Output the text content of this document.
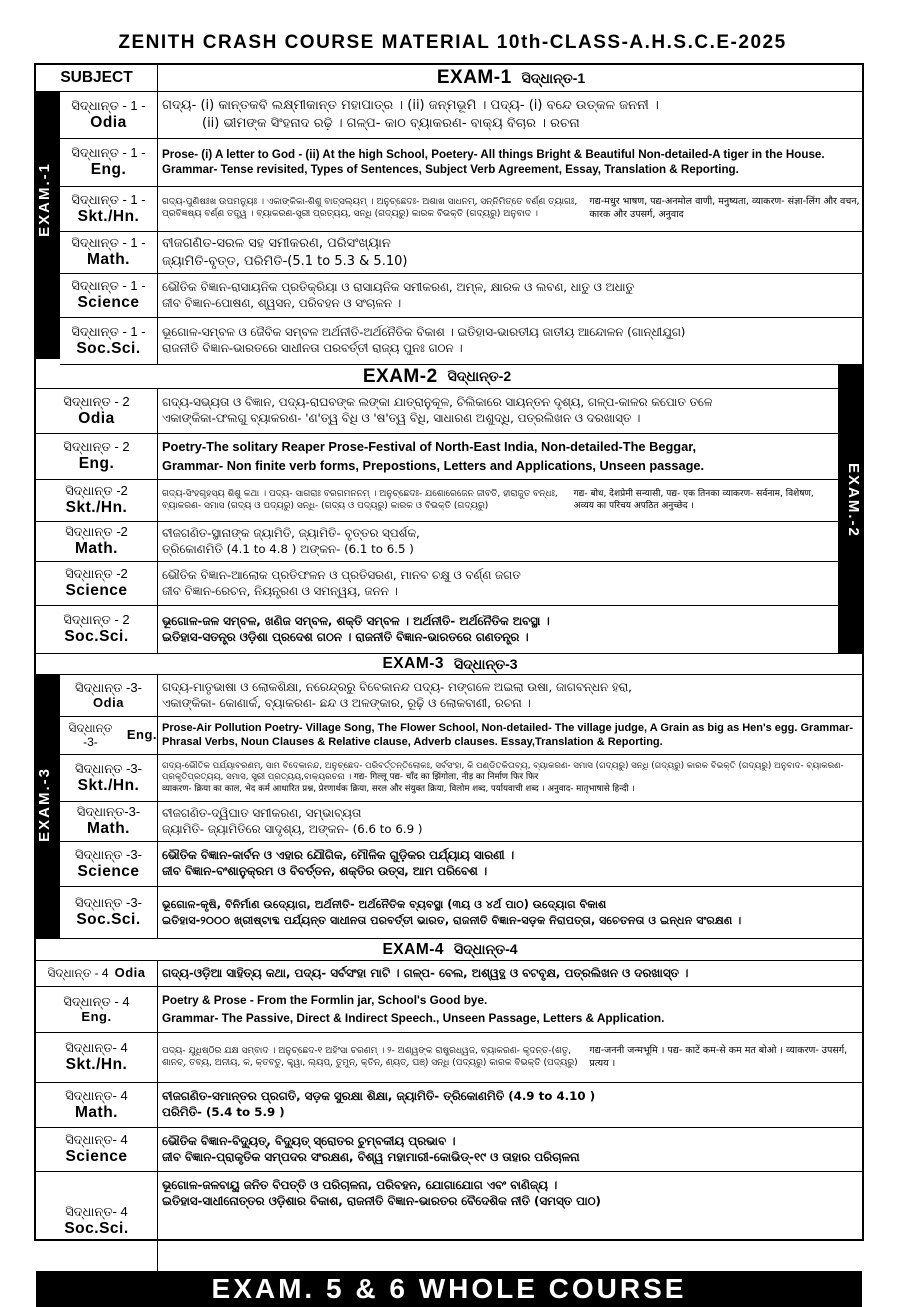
ZENITH CRASH COURSE MATERIAL 10th-CLASS-A.H.S.C.E-2025
SUBJECT
EXAM.-1
EXAM.-2
EXAM.-3
EXAM-1 ସିଦ୍ଧାନ୍ତ-1
ସିଦ୍ଧାନ୍ତ - 1 -
Odia
ଗଦ୍ୟ- (i) କାନ୍ତକବି ଲକ୍ଷ୍ମୀକାନ୍ତ ମହାପାତ୍ର । (ii) ଜନ୍ମଭୂମି । ପଦ୍ୟ- (i) ବନ୍ଦେ ଉତ୍କଳ ଜନନୀ ।
(ii) ଭୀମଙ୍କ ସିଂହନାଦ ରଢ଼ି । ଗଳ୍ପ- କାଠ ବ୍ୟାକରଣ- ବାକ୍ୟ ବିଚାର । ରଚନା
ସିଦ୍ଧାନ୍ତ - 1 -
Eng.
Prose- (i) A letter to God - (ii) At the high School, Poetery- All things Bright & Beautiful Non-detailed-A tiger in the House. Grammar- Tense revisited, Types of Sentences, Subject Verb Agreement, Essay, Translation & Reporting.
ସିଦ୍ଧାନ୍ତ - 1 -
Skt./Hn.
ଗଦ୍ୟ-ପୁଣିଷଃଖ ଉପମନ୍ୟୁଃ । ଏକାଙ୍କିକା-ଶିଶୁ ବାତ୍ସଲ୍ୟମ୍ । ଅନୁଚ୍ଛେଦଃ- ଅଶାଖ ସାଧନମ୍, ସନ୍ନିମିତ୍ତେ ବର୍ଣ୍ଣ ତ୍ୟାଗଃ, ପ୍ରବିଜ୍ଞଷ୍ୟ ବର୍ଣ୍ଣ ତତ୍ତ୍ୱ । ବ୍ୟାକରଣ-ସ୍ତ୍ରୀ ପ୍ରତ୍ୟୟ, ସନ୍ଧି (ଗଦ୍ୟରୁ) କାରକ ବିଭକ୍ତି (ଗଦ୍ୟରୁ) ଅନୁବାଦ ।
गद्य-मधुर भाषण, पद्य-अनमोल वाणी, मनुष्यता, व्याकरण- संज्ञा-लिंग और वचन, कारक और उपसर्ग, अनुवाद
ସିଦ୍ଧାନ୍ତ - 1 -
Math.
ବୀଜଗଣିତ-ସରଳ ସହ ସମୀକରଣ, ପରିସଂଖ୍ୟାନ
ଜ୍ୟାମିତି-ବୃତ୍ତ, ପରିମିତି-(5.1 to 5.3 & 5.10)
ସିଦ୍ଧାନ୍ତ - 1 -
Science
ଭୌତିକ ବିଜ୍ଞାନ-ରାସାୟନିକ ପ୍ରତିକ୍ରିୟା ଓ ରାସାୟନିକ ସମୀକରଣ, ଅମ୍ଳ, କ୍ଷାରକ ଓ ଲବଣ, ଧାତୁ ଓ ଅଧାତୁ
ଜୀବ ବିଜ୍ଞାନ-ପୋଷଣ, ଶ୍ୱସନ, ପରିବହନ ଓ ସଂଚାଳନ ।
ସିଦ୍ଧାନ୍ତ - 1 -
Soc.Sci.
ଭୂଗୋଳ-ସମ୍ବଳ ଓ ଜୈବିକ ସମ୍ବଳ ଅର୍ଥନୀତି-ଅର୍ଥନୈତିକ ବିକାଶ । ଇତିହାସ-ଭାରତୀୟ ଜାତୀୟ ଆନ୍ଦୋଳନ (ଗାନ୍ଧୀଯୁଗ)
ରାଜନୀତି ବିଜ୍ଞାନ-ଭାରତରେ ସାଧୀନତା ପରବର୍ତ୍ତୀ ରାଜ୍ୟ ପୁନଃ ଗଠନ ।
EXAM-2 ସିଦ୍ଧାନ୍ତ-2
ସିଦ୍ଧାନ୍ତ - 2
Odia
ଗଦ୍ୟ-ସଭ୍ୟତା ଓ ବିଜ୍ଞାନ, ପଦ୍ୟ-ରାଘବଙ୍କ ଲଙ୍କା ଯାତ୍ରାନୁକୂଳ, ଚିଲିକାରେ ସାୟନ୍ତନ ଦୃଶ୍ୟ, ଗଳ୍ପ-କାଳର କପୋତ ତଳେ
ଏକାଙ୍କିକା-ଫଲଗୁ ବ୍ୟାକରଣ- 'ଣ'ତ୍ୱ ବିଧି ଓ 'ଷ'ତ୍ୱ ବିଧି, ସାଧାରଣ ଅଶୁଦ୍ଧି, ପତ୍ରଲିଖନ ଓ ଦରଖାସ୍ତ ।
ସିଦ୍ଧାନ୍ତ - 2
Eng.
Poetry-The solitary Reaper Prose-Festival of North-East India, Non-detailed-The Beggar,
Grammar- Non finite verb forms, Prepostions, Letters and Applications, Unseen passage.
ସିଦ୍ଧାନ୍ତ -2
Skt./Hn.
ଗଦ୍ୟ-ସିଂହଗୃହସ୍ୟ ଶିଶୁ କଥା । ପଦ୍ୟ- ସାଗରାଃ ବରଗମନନମ୍ । ଅନୁଚ୍ଛେଦଃ- ଯଶୋରେଜେନ ଜୀବତି, ହୀରାଜୁତ ବନ୍ଧଃ, ବ୍ୟାକରଣ- ସମାସ (ଗଦ୍ୟ ଓ ପଦ୍ୟରୁ) ସନ୍ଧି- (ଗଦ୍ୟ ଓ ପଦ୍ୟରୁ) କାରକ ଓ ବିଭକ୍ତି (ଗଦ୍ୟରୁ)
गद्य- बोध, देशप्रेमी सन्यासी, पद्य- एक तिनका व्याकरण- सर्वनाम, विशेषण, अव्यय का परिचय अपठित अनुच्छेद ।
ସିଦ୍ଧାନ୍ତ -2
Math.
ବୀଜଗଣିତ-ସ୍ଥାନାଙ୍କ ଜ୍ୟାମିତି, ଜ୍ୟାମିତି- ବୃତ୍ତର ସ୍ପର୍ଶକ,
ତ୍ରିକୋଣମିତି (4.1 to 4.8 ) ଅଙ୍କନ- (6.1 to 6.5 )
ସିଦ୍ଧାନ୍ତ -2
Science
ଭୌତିକ ବିଜ୍ଞାନ-ଆଲୋକ ପ୍ରତିଫଳନ ଓ ପ୍ରତିସରଣ, ମାନବ ଚକ୍ଷୁ ଓ ବର୍ଣ୍ଣ ଜଗତ
ଜୀବ ବିଜ୍ଞାନ-ରେଚନ, ନିୟନ୍ତ୍ରଣ ଓ ସମନ୍ୱୟ, ଜନନ ।
ସିଦ୍ଧାନ୍ତ - 2
Soc.Sci.
ଭୂଗୋଳ-ଜଳ ସମ୍ବଳ, ଖଣିଜ ସମ୍ବଳ, ଶକ୍ତି ସମ୍ବଳ । ଅର୍ଥନୀତି- ଅର୍ଥନୈତିକ ଅବସ୍ଥା ।
ଇତିହାସ-ସତନ୍ତ୍ର ଓଡ଼ିଶା ପ୍ରଦେଶ ଗଠନ । ରାଜନୀତି ବିଜ୍ଞାନ-ଭାରତରେ ଗଣତନ୍ତ୍ର ।
EXAM-3 ସିଦ୍ଧାନ୍ତ-3
ସିଦ୍ଧାନ୍ତ -3-
Odia
ଗଦ୍ୟ-ମାତୃଭାଷା ଓ ଲୋକଶିକ୍ଷା, ନରେନ୍ଦ୍ରରୁ ବିବେକାନନ୍ଦ ପଦ୍ୟ- ମଙ୍ଗଳେ ଅଇଲା ଉଷା, ଜାଗବନ୍ଧନ ହରା,
ଏକାଙ୍କିକା- କୋଣାର୍କ, ବ୍ୟାକରଣ- ଛନ୍ଦ ଓ ଅଳଙ୍କାର, ରୂଢ଼ି ଓ ଲୋକବାଣୀ, ରଚନା ।
ସିଦ୍ଧାନ୍ତ -3-	Eng. Prose-Air Pollution Poetry- Village Song, The Flower School, Non-detailed- The village judge, A Grain as big as Hen's egg. Grammar- Phrasal Verbs, Noun Clauses & Relative clause, Adverb clauses. Essay,Translation & Reporting.
ସିଦ୍ଧାନ୍ତ -3-
Skt./Hn.
ଗଦ୍ୟ-ଭୌତିକ ପର୍ଯ୍ୟାବରଣମ୍, ସାମ ବିଦେକାନନ୍ଦ, ଅନୁଚ୍ଛେଦ- ପରିବର୍ତ୍ତନ୍ତିଲୋକଃ, ସର୍ବସଂହା, କି ପଣ୍ଡିତକିତାବ୍ୟ, ବ୍ୟାକରଣ- ସମାସ (ଗଦ୍ୟରୁ) ସନ୍ଧି (ଗଦ୍ୟରୁ) କାରକ ବିଭକ୍ତି (ଗଦ୍ୟରୁ) ଅନୁବାଦ- ବ୍ୟାକରଣ-ପ୍ରକୃତିପ୍ରତ୍ୟୟ, ସମାସ, ସ୍ତ୍ରୀ ପ୍ରତ୍ୟୟ,ବାକ୍ୟରଚନା । गद्य- गिल्लू पद्य- चाँद का झिंगोला, नीड़ का निर्माण फिर फिर
व्याकरण- क्रिया का काल, भेद कर्म आधारित प्रश्न, प्रेरणार्थक क्रिया, सरल और संयुक्त क्रिया, विलोम शब्द, पर्यायवाची शब्द । अनुवाद- मातृभाषासे हिन्दी ।
ସିଦ୍ଧାନ୍ତ-3-
Math.
ବୀଜଗଣିତ-ଦ୍ୱିଘାତ ସମୀକରଣ, ସମ୍ଭାବ୍ୟତା
ଜ୍ୟାମିତି- ଜ୍ୟାମିତିରେ ସାଦୃଶ୍ୟ, ଅଙ୍କନ- (6.6 to 6.9 )
ସିଦ୍ଧାନ୍ତ -3-
Science
ଭୌତିକ ବିଜ୍ଞାନ-କାର୍ବନ ଓ ଏହାର ଯୌଗିକ, ମୌଳିକ ଗୁଡ଼ିକର ପର୍ଯ୍ୟାୟ ସାରଣୀ ।
ଜୀବ ବିଜ୍ଞାନ-ବଂଶାନୁକ୍ରମ ଓ ବିବର୍ତ୍ତନ, ଶକ୍ତିର ଉତ୍ସ, ଆମ ପରିବେଶ ।
ସିଦ୍ଧାନ୍ତ -3-
Soc.Sci.
ଭୂଗୋଳ-କୃଷି, ବିନିର୍ମାଣ ଉଦ୍ୟୋଗ, ଅର୍ଥନୀତି- ଅର୍ଥନୈତିକ ବ୍ୟବସ୍ଥା (୩ୟ ଓ ୪ର୍ଥ ପାଠ) ଉଦ୍ୟୋଗ ବିକାଶ
ଇତିହାସ-୨୦୦୦ ଖ୍ରୀଷ୍ଟାବ୍ଦ ପର୍ଯ୍ୟନ୍ତ ସାଧୀନତା ପରବର୍ତ୍ତୀ ଭାରତ, ରାଜନୀତି ବିଜ୍ଞାନ-ସଡ଼କ ନିରାପତ୍ତା, ସଚେତନତା ଓ ଇନ୍ଧନ ସଂରକ୍ଷଣ ।
EXAM-4 ସିଦ୍ଧାନ୍ତ-4
ସିଦ୍ଧାନ୍ତ - 4 Odia ଗଦ୍ୟ-ଓଡ଼ିଆ ସାହିତ୍ୟ କଥା, ପଦ୍ୟ- ସର୍ବସଂହା ମାଟି । ଗଳ୍ପ- ବେଲ, ଅଶ୍ୱତ୍ଥ ଓ ବଟବୃକ୍ଷ, ପତ୍ରଲିଖନ ଓ ଦରଖାସ୍ତ ।
ସିଦ୍ଧାନ୍ତ - 4
Eng.
Poetry & Prose - From the Formlin jar, School's Good bye.
Grammar- The Passive, Direct & Indirect Speech., Unseen Passage, Letters & Application.
ସିଦ୍ଧାନ୍ତ- 4
Skt./Hn.
ପଦ୍ୟ- ଯୁଧିଷ୍ଠିର ଯକ୍ଷ ସମ୍ବାଦ । ଅନୁଚ୍ଛେଦ-୧ ଅହିଂସା ଚରଣମ୍ । ୨- ଅଶ୍ୱଙ୍କ ରାଷ୍ଟ୍ରଧ୍ୱଜ, ବ୍ୟାକରଣ- କୃଦନ୍ତ-(ଶତୃ, ଶାନଚ୍, ତବ୍ୟ, ଅନୀୟ, କ, କ୍ତବତୁ, କ୍ତ୍ୱା, ଲ୍ୟପ୍, ତୁମୁନ୍, କ୍ତିନ୍, ଣ୍ୟତ୍, ଘଞ୍) ସନ୍ଧି (ପଦ୍ୟରୁ) କାରକ ବିଭକ୍ତି (ପଦ୍ୟରୁ)
गद्य-जननी जन्मभूमि । पद्य- काटें कम-से कम मत बोओ । व्याकरण- उपसर्ग, प्रत्यय ।
ସିଦ୍ଧାନ୍ତ- 4
Math.
ବୀଜଗଣିତ-ସମାନ୍ତର ପ୍ରଗତି, ସଡ଼କ ସୁରକ୍ଷା ଶିକ୍ଷା, ଜ୍ୟାମିତି- ତ୍ରିକୋଣମିତି (4.9 to 4.10 )
ପରିମିତି- (5.4 to 5.9 )
ସିଦ୍ଧାନ୍ତ- 4
Science
ଭୌତିକ ବିଜ୍ଞାନ-ବିଦ୍ୟୁତ୍, ବିଦ୍ୟୁତ୍ ସ୍ରୋତର ଚୁମ୍ବକୀୟ ପ୍ରଭାବ ।
ଜୀବ ବିଜ୍ଞାନ-ପ୍ରାକୃତିକ ସମ୍ପଦର ସଂରକ୍ଷଣ, ବିଶ୍ୱ ମହାମାରୀ-କୋଭିଡ୍-୧୯ ଓ ତାହାର ପରିଚାଳନା
ସିଦ୍ଧାନ୍ତ- 4
Soc.Sci.
ଭୂଗୋଳ-ଜଳବାୟୁ ଜନିତ ବିପତ୍ତି ଓ ପରିଚାଳନା, ପରିବହନ, ଯୋଗାଯୋଗ ଏବଂ ବାଣିଜ୍ୟ ।
ଇତିହାସ-ସାଧୀନୋତ୍ତର ଓଡ଼ିଶାର ବିକାଶ, ରାଜନୀତି ବିଜ୍ଞାନ-ଭାରତର ବୈଦେଶିକ ନୀତି (ସମସ୍ତ ପାଠ)
EXAM. 5 & 6 WHOLE COURSE
